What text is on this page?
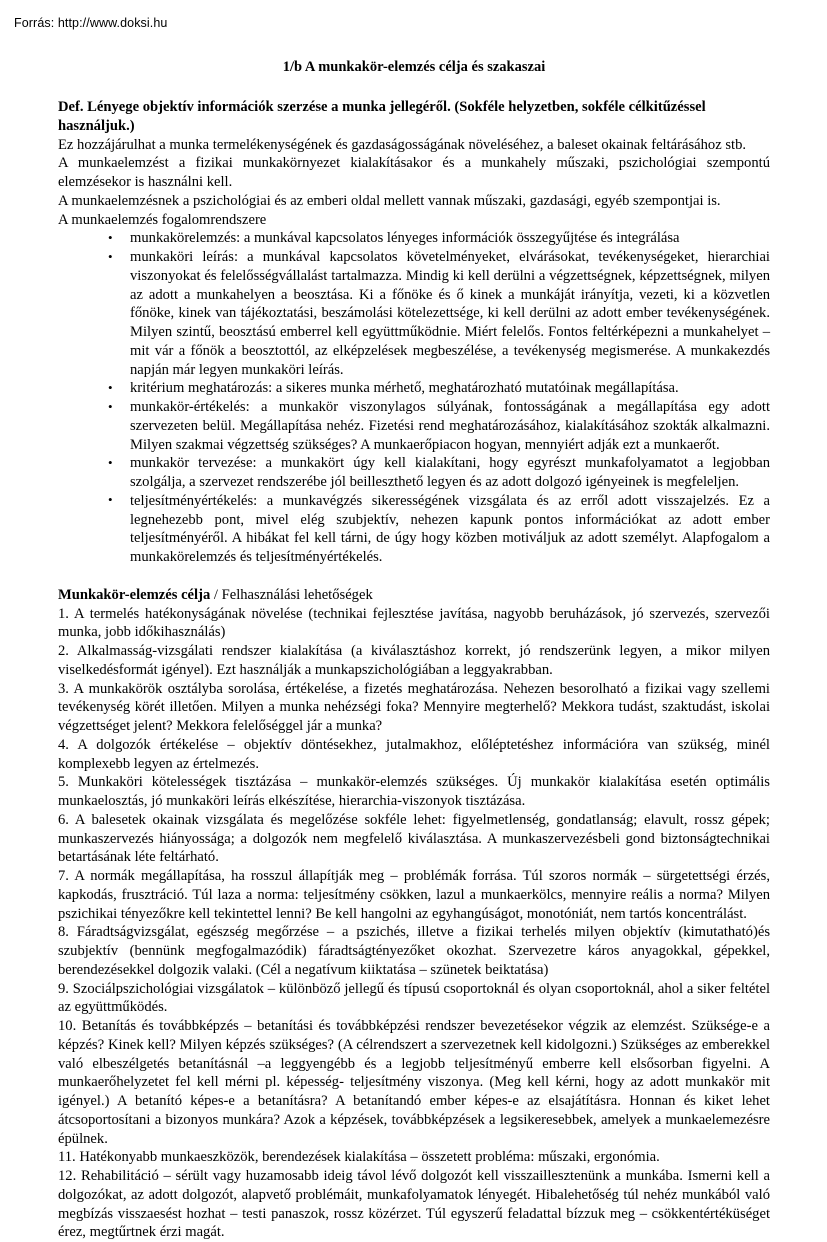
Forrás: http://www.doksi.hu
1/b A munkakör-elemzés célja és szakaszai

Def. Lényege objektív információk szerzése a munka jellegéről. (Sokféle helyzetben, sokféle célkitűzéssel használjuk.)

Ez hozzájárulhat a munka termelékenységének és gazdaságosságának növeléséhez, a baleset okainak feltárásához stb.

A munkaelemzést a fizikai munkakörnyezet kialakításakor és a munkahely műszaki, pszichológiai szempontú elemzésekor is használni kell.

A munkaelemzésnek a pszichológiai és az emberi oldal mellett vannak műszaki, gazdasági, egyéb szempontjai is.

A munkaelemzés fogalomrendszere

• munkakörelemzés: a munkával kapcsolatos lényeges információk összegyűjtése és integrálása
• munkaköri leírás: a munkával kapcsolatos követelményeket, elvárásokat, tevékenységeket, hierarchiai viszonyokat és felelősségvállalást tartalmazza. Mindig ki kell derülni a végzettségnek, képzettségnek, milyen az adott a munkahelyen a beosztása. Ki a főnöke és ő kinek a munkáját irányítja, vezeti, ki a közvetlen főnöke, kinek van tájékoztatási, beszámolási kötelezettsége, ki kell derülni az adott ember tevékenységének. Milyen szintű, beosztású emberrel kell együttműködnie. Miért felelős. Fontos feltérképezni a munkahelyet – mit vár a főnök a beosztottól, az elképzelések megbeszélése, a tevékenység megismerése. A munkakezdés napján már legyen munkaköri leírás.
• kritérium meghatározás: a sikeres munka mérhető, meghatározható mutatóinak megállapítása.
• munkakör-értékelés: a munkakör viszonylagos súlyának, fontosságának a megállapítása egy adott szervezeten belül. Megállapítása nehéz. Fizetési rend meghatározásához, kialakításához szokták alkalmazni. Milyen szakmai végzettség szükséges? A munkaerőpiacon hogyan, mennyiért adják ezt a munkaerőt.
• munkakör tervezése: a munkakört úgy kell kialakítani, hogy egyrészt munkafolyamatot a legjobban szolgálja, a szervezet rendszerébe jól beilleszthető legyen és az adott dolgozó igényeinek is megfeleljen.
• teljesítményértékelés: a munkavégzés sikerességének vizsgálata és az erről adott visszajelzés. Ez a legnehezebb pont, mivel elég szubjektív, nehezen kapunk pontos információkat az adott ember teljesítményéről. A hibákat fel kell tárni, de úgy hogy közben motiváljuk az adott személyt. Alapfogalom a munkakörelemzés és teljesítményértékelés.

Munkakör-elemzés célja / Felhasználási lehetőségek

1. A termelés hatékonyságának növelése (technikai fejlesztése javítása, nagyobb beruházások, jó szervezés, szervezői munka, jobb időkihasználás)

2. Alkalmasság-vizsgálati rendszer kialakítása (a kiválasztáshoz korrekt, jó rendszerünk legyen, a mikor milyen viselkedésformát igényel). Ezt használják a munkapszichológiában a leggyakrabban.

3. A munkakörök osztályba sorolása, értékelése, a fizetés meghatározása. Nehezen besorolható a fizikai vagy szellemi tevékenység körét illetően. Milyen a munka nehézségi foka? Mennyire megterhelő? Mekkora tudást, szaktudást, iskolai végzettséget jelent? Mekkora felelőséggel jár a munka?

4. A dolgozók értékelése – objektív döntésekhez, jutalmakhoz, előléptetéshez információra van szükség, minél komplexebb legyen az értelmezés.

5. Munkaköri kötelességek tisztázása – munkakör-elemzés szükséges. Új munkakör kialakítása esetén optimális munkaelosztás, jó munkaköri leírás elkészítése, hierarchia-viszonyok tisztázása.

6. A balesetek okainak vizsgálata és megelőzése sokféle lehet: figyelmetlenség, gondatlanság; elavult, rossz gépek; munkaszervezés hiányossága; a dolgozók nem megfelelő kiválasztása. A munkaszervezésbeli gond biztonságtechnikai betartásának léte feltárható.

7. A normák megállapítása, ha rosszul állapítják meg – problémák forrása. Túl szoros normák – sürgetettségi érzés, kapkodás, frusztráció. Túl laza a norma: teljesítmény csökken, lazul a munkaerkölcs, mennyire reális a norma? Milyen pszichikai tényezőkre kell tekintettel lenni? Be kell hangolni az egyhangúságot, monotóniát, nem tartós koncentrálást.

8. Fáradtságvizsgálat, egészség megőrzése – a pszichés, illetve a fizikai terhelés milyen objektív (kimutatható)és szubjektív (bennünk megfogalmazódik) fáradtságtényezőket okozhat. Szervezetre káros anyagokkal, gépekkel, berendezésekkel dolgozik valaki. (Cél a negatívum kiiktatása – szünetek beiktatása)

9. Szociálpszichológiai vizsgálatok – különböző jellegű és típusú csoportoknál és olyan csoportoknál, ahol a siker feltétel az együttműködés.

10. Betanítás és továbbképzés – betanítási és továbbképzési rendszer bevezetésekor végzik az elemzést. Szüksége-e a képzés? Kinek kell? Milyen képzés szükséges? (A célrendszert a szervezetnek kell kidolgozni.) Szükséges az emberekkel való elbeszélgetés betanításnál –a leggyengébb és a legjobb teljesítményű emberre kell elsősorban figyelni. A munkaerőhelyzetet fel kell mérni pl. képesség- teljesítmény viszonya. (Meg kell kérni, hogy az adott munkakör mit igényel.) A betanító képes-e a betanításra? A betanítandó ember képes-e az elsajátításra. Honnan és kiket lehet átcsoportosítani a bizonyos munkára? Azok a képzések, továbbképzések a legsikeresebbek, amelyek a munkaelemezésre épülnek.

11. Hatékonyabb munkaeszközök, berendezések kialakítása – összetett probléma: műszaki, ergonómia.

12. Rehabilitáció – sérült vagy huzamosabb ideig távol lévő dolgozót kell visszaillesztenünk a munkába. Ismerni kell a dolgozókat, az adott dolgozót, alapvető problémáit, munkafolyamatok lényegét. Hibalehetőség túl nehéz munkából való megbízás visszaesést hozhat – testi panaszok, rossz közérzet. Túl egyszerű feladattal bízzuk meg – csökkentértéküséget érez, megtűrtnek érzi magát.
